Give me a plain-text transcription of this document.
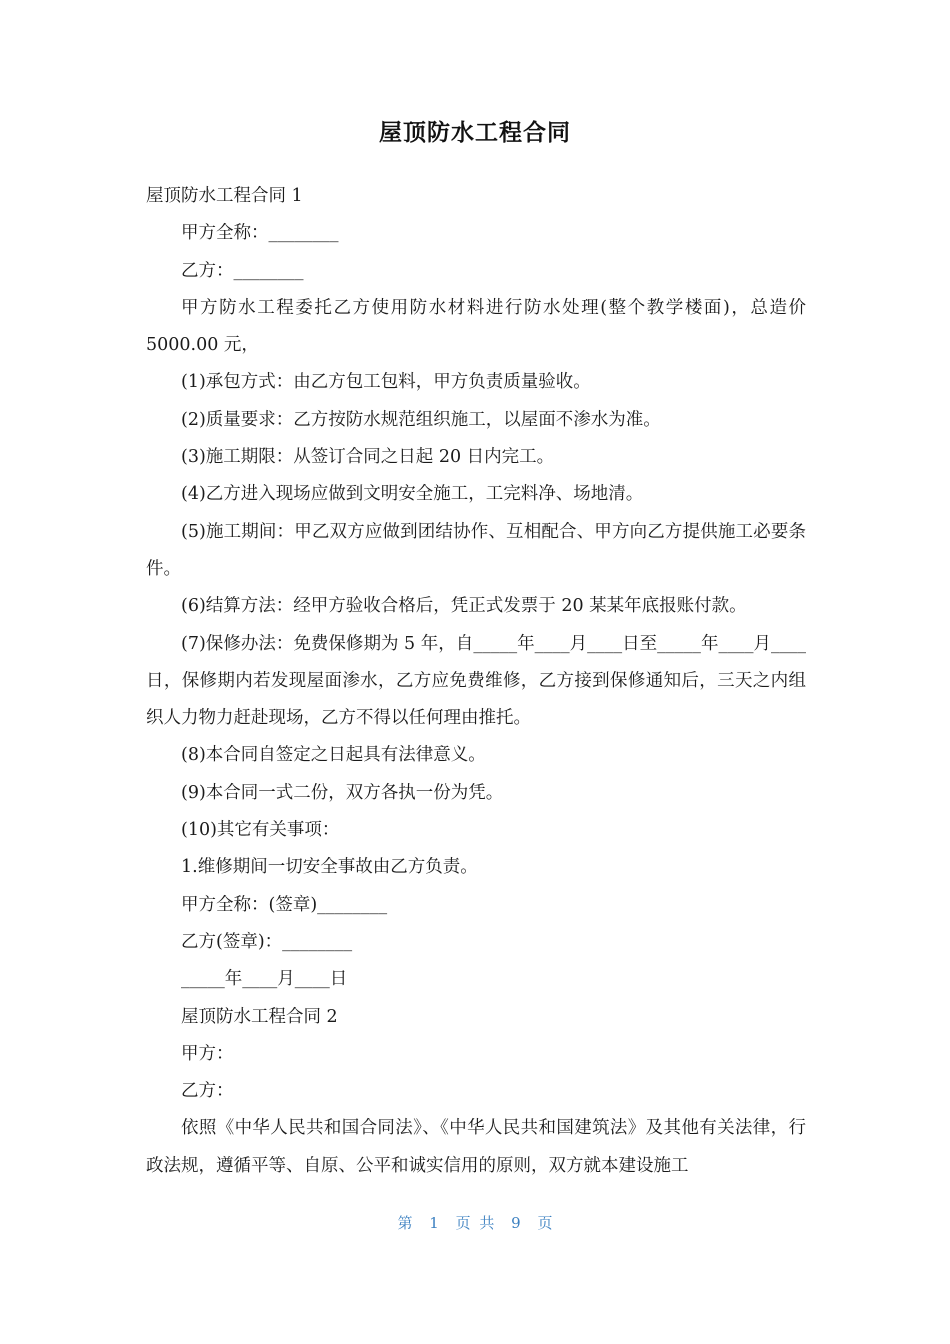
屋顶防水工程合同

屋顶防水工程合同 1

甲方全称：________

乙方：________

甲方防水工程委托乙方使用防水材料进行防水处理(整个教学楼面)，总造价 5000.00 元，

(1)承包方式：由乙方包工包料，甲方负责质量验收。

(2)质量要求：乙方按防水规范组织施工，以屋面不渗水为准。

(3)施工期限：从签订合同之日起 20 日内完工。

(4)乙方进入现场应做到文明安全施工，工完料净、场地清。

(5)施工期间：甲乙双方应做到团结协作、互相配合、甲方向乙方提供施工必要条件。

(6)结算方法：经甲方验收合格后，凭正式发票于 20 某某年底报账付款。

(7)保修办法：免费保修期为 5 年，自_____年____月____日至_____年____月____日，保修期内若发现屋面渗水，乙方应免费维修，乙方接到保修通知后，三天之内组织人力物力赶赴现场，乙方不得以任何理由推托。

(8)本合同自签定之日起具有法律意义。

(9)本合同一式二份，双方各执一份为凭。

(10)其它有关事项：

1.维修期间一切安全事故由乙方负责。

甲方全称：(签章)________

乙方(签章)：________

_____年____月____日

屋顶防水工程合同 2

甲方：

乙方：

依照《中华人民共和国合同法》、《中华人民共和国建筑法》及其他有关法律，行政法规，遵循平等、自原、公平和诚实信用的原则，双方就本建设施工

第 1 页 共 9 页
